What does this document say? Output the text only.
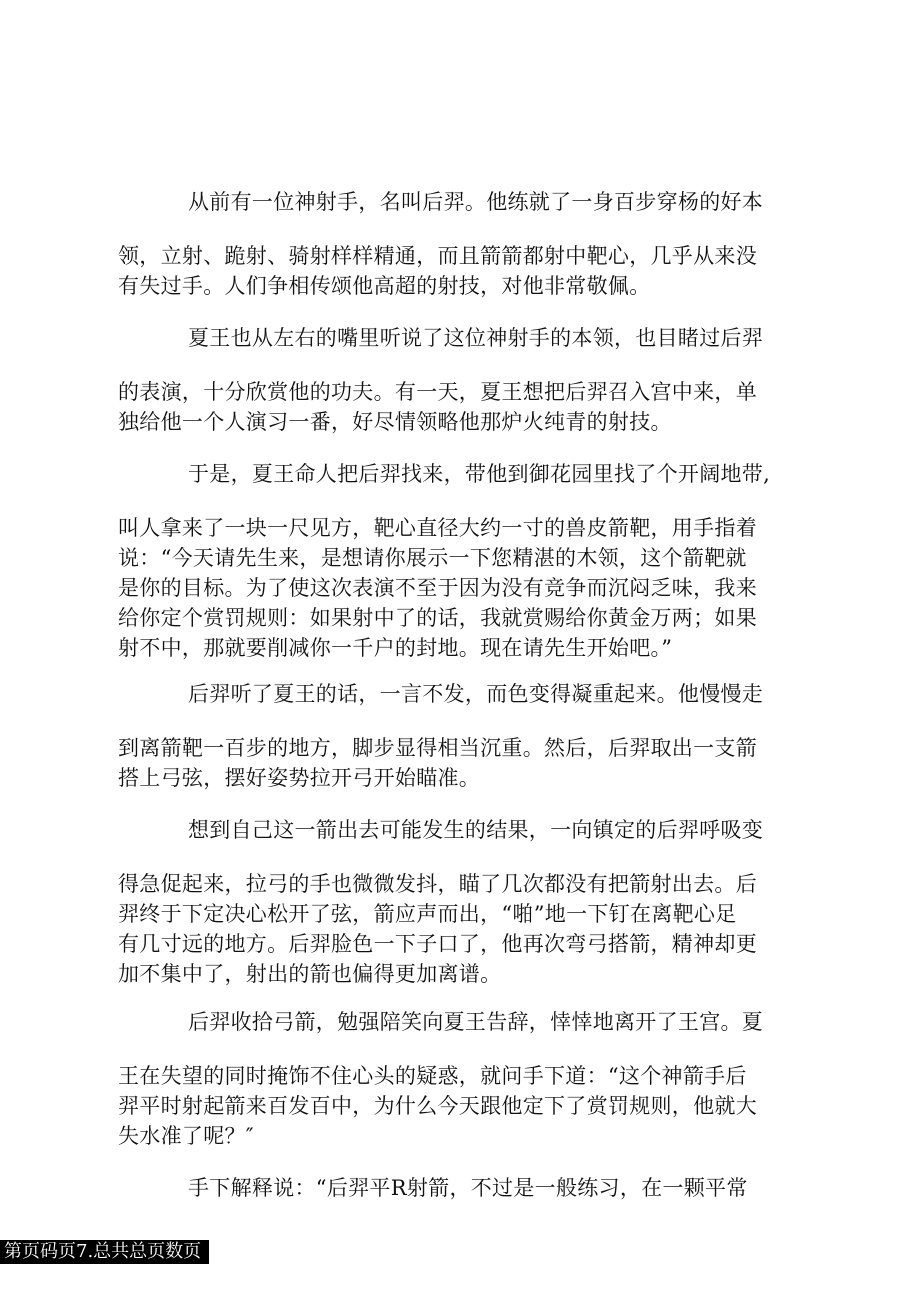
从前有一位神射手，名叫后羿。他练就了一身百步穿杨的好本
领，立射、跪射、骑射样样精通，而且箭箭都射中靶心，几乎从来没
有失过手。人们争相传颂他高超的射技，对他非常敬佩。
夏王也从左右的嘴里听说了这位神射手的本领，也目睹过后羿
的表演，十分欣赏他的功夫。有一天，夏王想把后羿召入宫中来，单
独给他一个人演习一番，好尽情领略他那炉火纯青的射技。
于是，夏王命人把后羿找来，带他到御花园里找了个开阔地带,
叫人拿来了一块一尺见方，靶心直径大约一寸的兽皮箭靶，用手指着
说：“今天请先生来，是想请你展示一下您精湛的木领，这个箭靶就
是你的目标。为了使这次表演不至于因为没有竞争而沉闷乏味，我来
给你定个赏罚规则：如果射中了的话，我就赏赐给你黄金万两；如果
射不中，那就要削减你一千户的封地。现在请先生开始吧。”
后羿听了夏王的话，一言不发，而色变得凝重起来。他慢慢走
到离箭靶一百步的地方，脚步显得相当沉重。然后，后羿取出一支箭
搭上弓弦，摆好姿势拉开弓开始瞄准。
想到自己这一箭出去可能发生的结果，一向镇定的后羿呼吸变
得急促起来，拉弓的手也微微发抖，瞄了几次都没有把箭射出去。后
羿终于下定决心松开了弦，箭应声而出，“啪”地一下钉在离靶心足
有几寸远的地方。后羿脸色一下子口了，他再次弯弓搭箭，精神却更
加不集中了，射出的箭也偏得更加离谱。
后羿收拾弓箭，勉强陪笑向夏王告辞，悻悻地离开了王宫。夏
王在失望的同时掩饰不住心头的疑惑，就问手下道：“这个神箭手后
羿平时射起箭来百发百中，为什么今天跟他定下了赏罚规则，他就大
失水准了呢？″
手下解释说：“后羿平R射箭，不过是一般练习，在一颗平常
第页码页7.总共总页数页
